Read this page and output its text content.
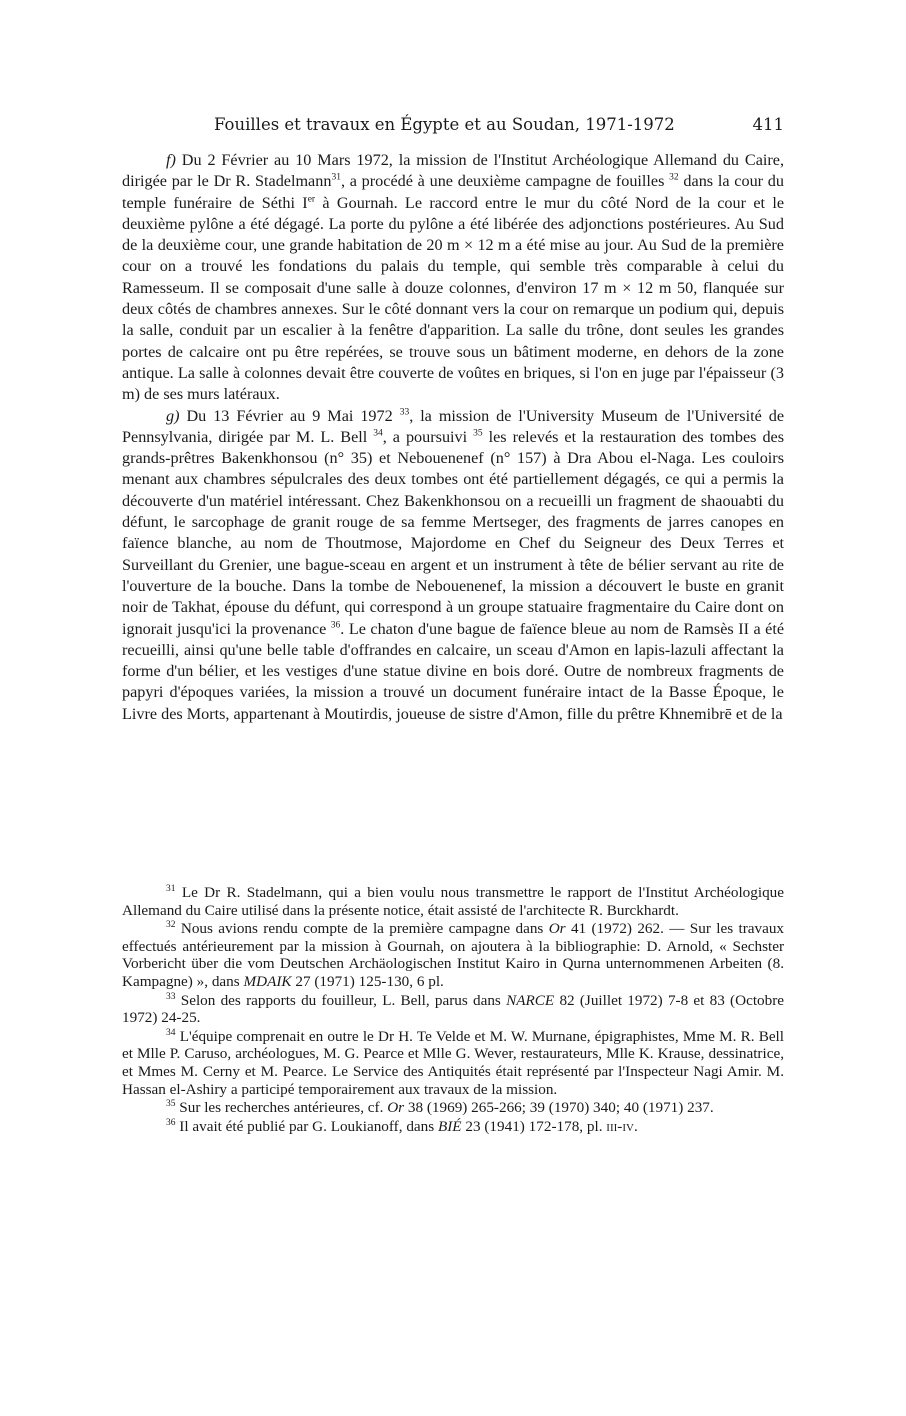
Fouilles et travaux en Égypte et au Soudan, 1971-1972	411

f) Du 2 Février au 10 Mars 1972, la mission de l'Institut Archéologique Allemand du Caire, dirigée par le Dr R. Stadelmann$^{31}$, a procédé à une deuxième campagne de fouilles $^{32}$ dans la cour du temple funéraire de Séthi Ier à Gournah. Le raccord entre le mur du côté Nord de la cour et le deuxième pylône a été dégagé. La porte du pylône a été libérée des adjonctions postérieures. Au Sud de la deuxième cour, une grande habitation de 20 m × 12 m a été mise au jour. Au Sud de la première cour on a trouvé les fondations du palais du temple, qui semble très comparable à celui du Ramesseum. Il se composait d'une salle à douze colonnes, d'environ 17 m × 12 m 50, flanquée sur deux côtés de chambres annexes. Sur le côté donnant vers la cour on remarque un podium qui, depuis la salle, conduit par un escalier à la fenêtre d'apparition. La salle du trône, dont seules les grandes portes de calcaire ont pu être repérées, se trouve sous un bâtiment moderne, en dehors de la zone antique. La salle à colonnes devait être couverte de voûtes en briques, si l'on en juge par l'épaisseur (3 m) de ses murs latéraux.

g) Du 13 Février au 9 Mai 1972 $^{33}$, la mission de l'University Museum de l'Université de Pennsylvania, dirigée par M. L. Bell $^{34}$, a poursuivi $^{35}$ les relevés et la restauration des tombes des grands-prêtres Bakenkhonsou (n° 35) et Nebouenenef (n° 157) à Dra Abou el-Naga. Les couloirs menant aux chambres sépulcrales des deux tombes ont été partiellement dégagés, ce qui a permis la découverte d'un matériel intéressant. Chez Bakenkhonsou on a recueilli un fragment de shaouabti du défunt, le sarcophage de granit rouge de sa femme Mertseger, des fragments de jarres canopes en faïence blanche, au nom de Thoutmose, Majordome en Chef du Seigneur des Deux Terres et Surveillant du Grenier, une bague-sceau en argent et un instrument à tête de bélier servant au rite de l'ouverture de la bouche. Dans la tombe de Nebouenenef, la mission a découvert le buste en granit noir de Takhat, épouse du défunt, qui correspond à un groupe statuaire fragmentaire du Caire dont on ignorait jusqu'ici la provenance $^{36}$. Le chaton d'une bague de faïence bleue au nom de Ramsès II a été recueilli, ainsi qu'une belle table d'offrandes en calcaire, un sceau d'Amon en lapis-lazuli affectant la forme d'un bélier, et les vestiges d'une statue divine en bois doré. Outre de nombreux fragments de papyri d'époques variées, la mission a trouvé un document funéraire intact de la Basse Époque, le Livre des Morts, appartenant à Moutirdis, joueuse de sistre d'Amon, fille du prêtre Khnemibrē et de la

$^{31}$ Le Dr R. Stadelmann, qui a bien voulu nous transmettre le rapport de l'Institut Archéologique Allemand du Caire utilisé dans la présente notice, était assisté de l'architecte R. Burckhardt.

$^{32}$ Nous avions rendu compte de la première campagne dans Or 41 (1972) 262. — Sur les travaux effectués antérieurement par la mission à Gournah, on ajoutera à la bibliographie: D. Arnold, « Sechster Vorbericht über die vom Deutschen Archäologischen Institut Kairo in Qurna unternommenen Arbeiten (8. Kampagne) », dans MDAIK 27 (1971) 125-130, 6 pl.

$^{33}$ Selon des rapports du fouilleur, L. Bell, parus dans NARCE 82 (Juillet 1972) 7-8 et 83 (Octobre 1972) 24-25.

$^{34}$ L'équipe comprenait en outre le Dr H. Te Velde et M. W. Murnane, épigraphistes, Mme M. R. Bell et Mlle P. Caruso, archéologues, M. G. Pearce et Mlle G. Wever, restaurateurs, Mlle K. Krause, dessinatrice, et Mmes M. Cerny et M. Pearce. Le Service des Antiquités était représenté par l'Inspecteur Nagi Amir. M. Hassan el-Ashiry a participé temporairement aux travaux de la mission.

$^{35}$ Sur les recherches antérieures, cf. Or 38 (1969) 265-266; 39 (1970) 340; 40 (1971) 237.

$^{36}$ Il avait été publié par G. Loukianoff, dans BIÉ 23 (1941) 172-178, pl. iii-iv.
